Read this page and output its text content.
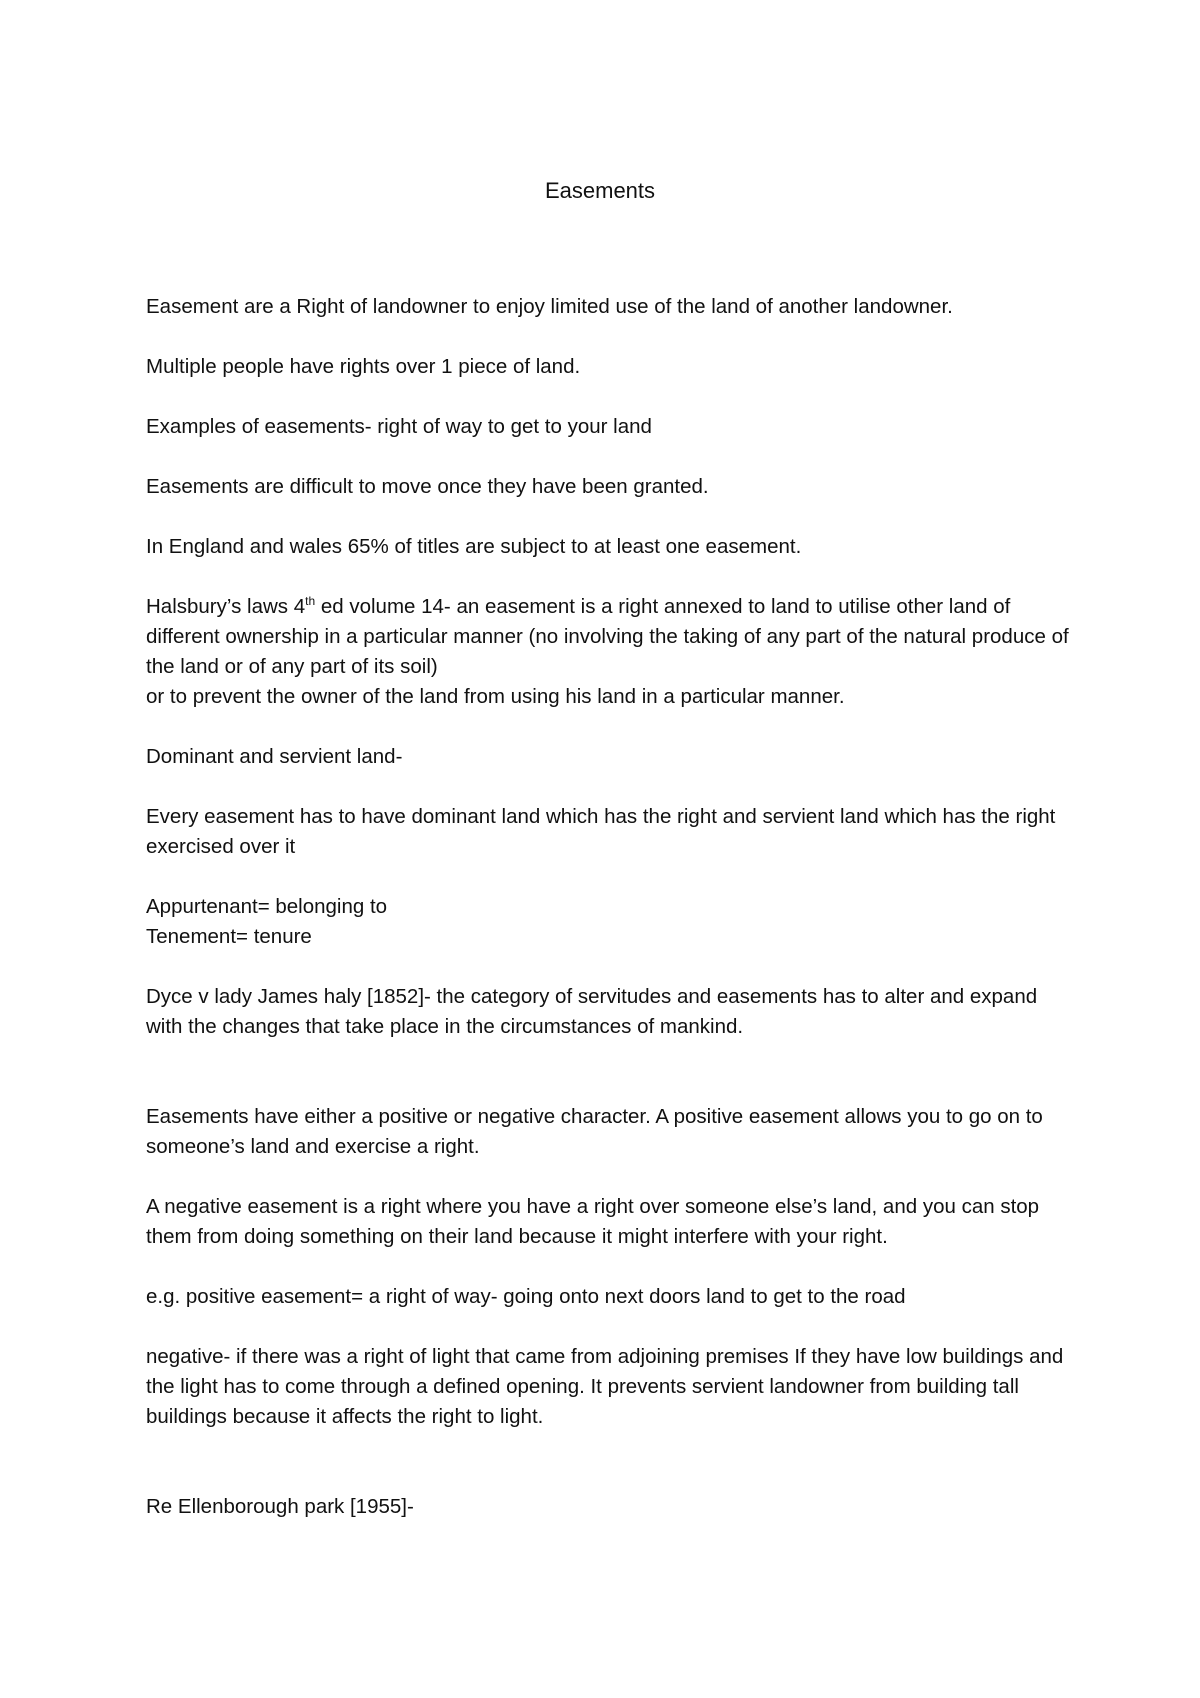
Easements

Easement are a Right of landowner to enjoy limited use of the land of another landowner.

Multiple people have rights over 1 piece of land.

Examples of easements- right of way to get to your land

Easements are difficult to move once they have been granted.

In England and wales 65% of titles are subject to at least one easement.

Halsbury’s laws 4th ed volume 14- an easement is a right annexed to land to utilise other land of different ownership in a particular manner (no involving the taking of any part of the natural produce of the land or of any part of its soil)

or to prevent the owner of the land from using his land in a particular manner.

Dominant and servient land-

Every easement has to have dominant land which has the right and servient land which has the right exercised over it

Appurtenant= belonging to

Tenement= tenure

Dyce v lady James haly [1852]- the category of servitudes and easements has to alter and expand with the changes that take place in the circumstances of mankind.

Easements have either a positive or negative character. A positive easement allows you to go on to someone’s land and exercise a right.

A negative easement is a right where you have a right over someone else’s land, and you can stop them from doing something on their land because it might interfere with your right.

e.g. positive easement= a right of way- going onto next doors land to get to the road

negative- if there was a right of light that came from adjoining premises If they have low buildings and the light has to come through a defined opening. It prevents servient landowner from building tall buildings because it affects the right to light.

Re Ellenborough park [1955]-
